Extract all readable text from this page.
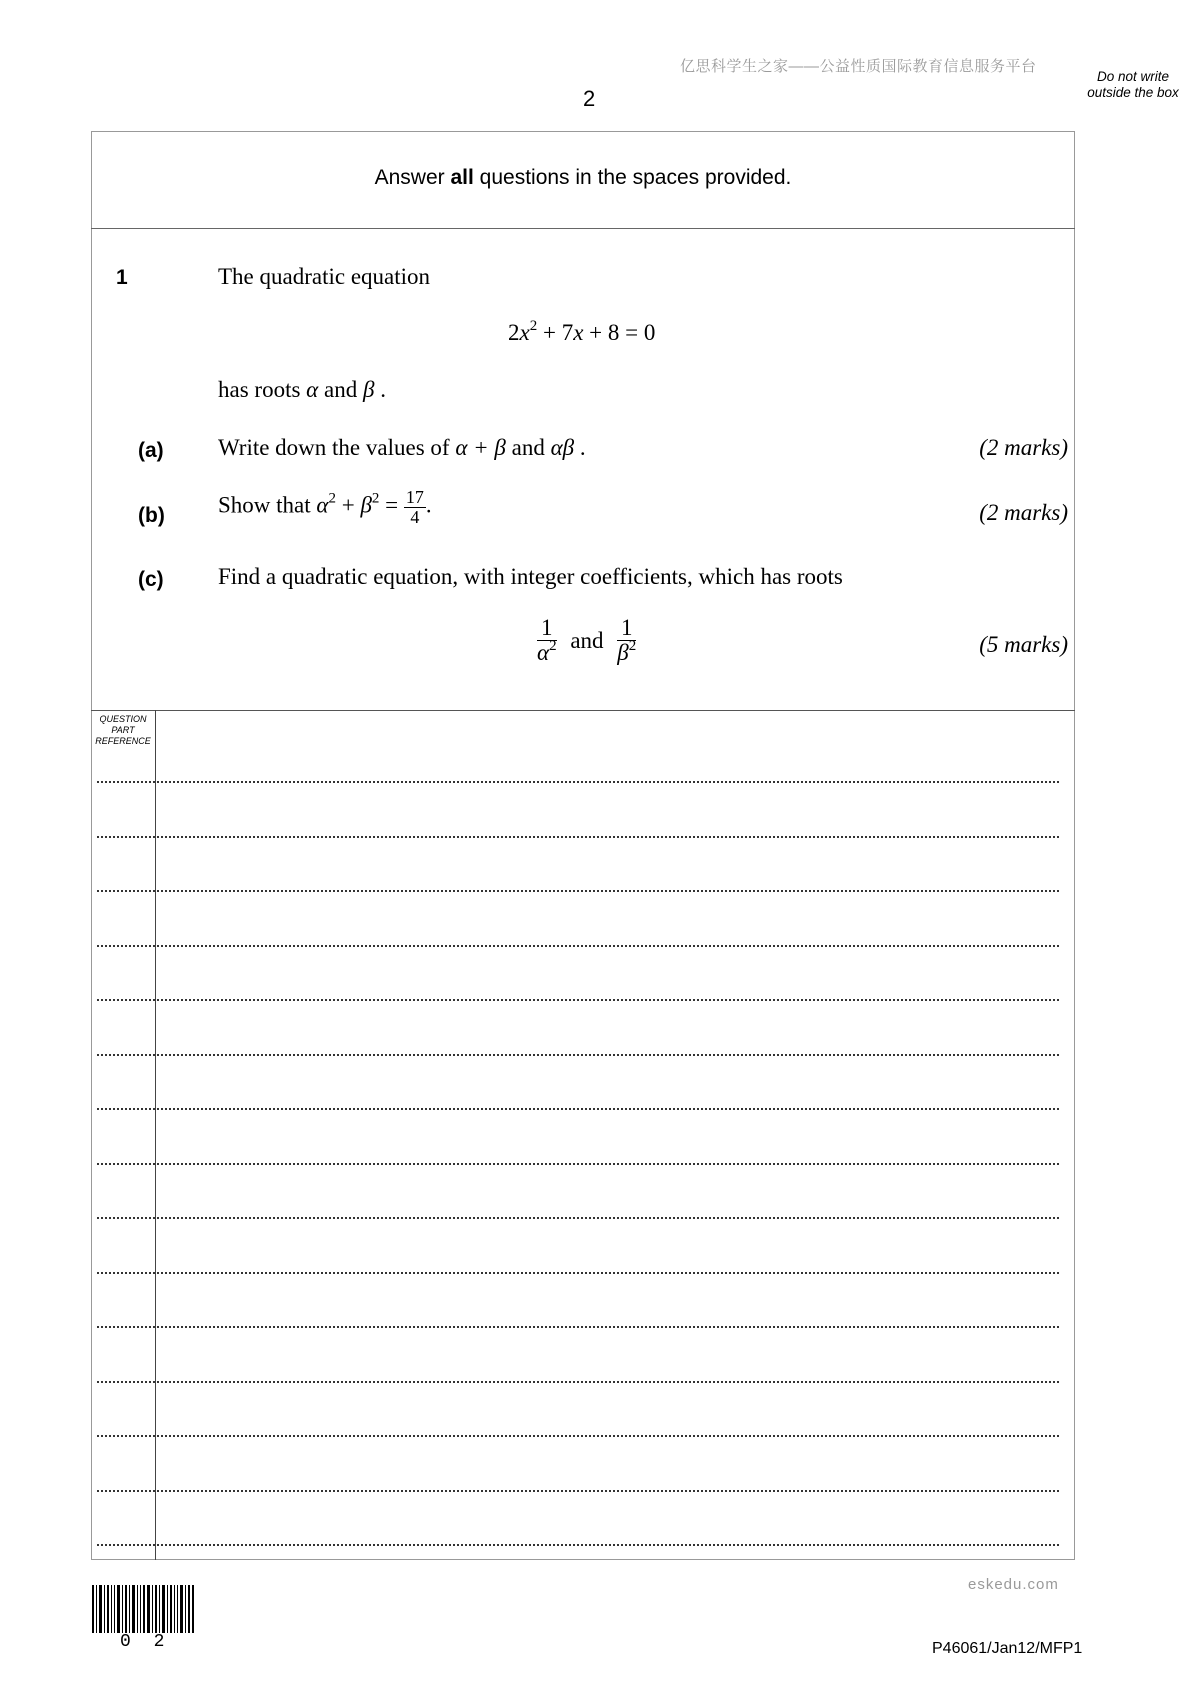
亿思科学生之家——公益性质国际教育信息服务平台
2
Do not write outside the box
Answer all questions in the spaces provided.
1	The quadratic equation
$2x^2 + 7x + 8 = 0$
has roots α and β .
(a) Write down the values of α + β and αβ .	(2 marks)
(b) Show that $\alpha^2 + \beta^2 = \frac{17}{4}$ .	(2 marks)
(c) Find a quadratic equation, with integer coefficients, which has roots
$\frac{1}{\alpha^2}$ and $\frac{1}{\beta^2}$	(5 marks)
QUESTION PART REFERENCE
eskedu.com
0 2	P46061/Jan12/MFP1
